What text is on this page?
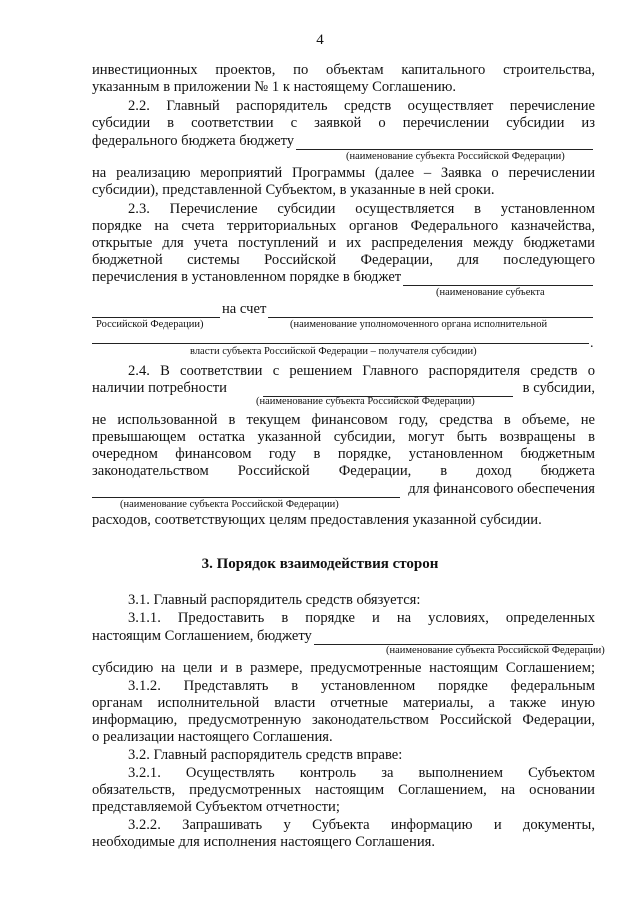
4
инвестиционных проектов, по объектам капитального строительства,
указанным в приложении № 1 к настоящему Соглашению.
2.2. Главный распорядитель средств осуществляет перечисление
субсидии в соответствии с заявкой о перечислении субсидии из
федерального бюджета бюджету
(наименование субъекта Российской Федерации)
на реализацию мероприятий Программы (далее – Заявка о перечислении
субсидии), представленной Субъектом, в указанные в ней сроки.
2.3. Перечисление субсидии осуществляется в установленном
порядке на счета территориальных органов Федерального казначейства,
открытые для учета поступлений и их распределения между бюджетами
бюджетной системы Российской Федерации, для последующего
перечисления в установленном порядке в бюджет
(наименование субъекта
на счет
Российской Федерации)	(наименование уполномоченного органа исполнительной
.
власти субъекта Российской Федерации – получателя субсидии)
2.4. В соответствии с решением Главного распорядителя средств о
наличии потребности	в субсидии,
(наименование субъекта Российской Федерации)
не использованной в текущем финансовом году, средства в объеме, не
превышающем остатка указанной субсидии, могут быть возвращены в
очередном финансовом году в порядке, установленном бюджетным
законодательством Российской Федерации, в доход бюджета
для финансового обеспечения
(наименование субъекта Российской Федерации)
расходов, соответствующих целям предоставления указанной субсидии.
3. Порядок взаимодействия сторон
3.1. Главный распорядитель средств обязуется:
3.1.1. Предоставить в порядке и на условиях, определенных
настоящим Соглашением, бюджету
(наименование субъекта Российской Федерации)
субсидию на цели и в размере, предусмотренные настоящим Соглашением;
3.1.2. Представлять в установленном порядке федеральным
органам исполнительной власти отчетные материалы, а также иную
информацию, предусмотренную законодательством Российской Федерации,
о реализации настоящего Соглашения.
3.2. Главный распорядитель средств вправе:
3.2.1. Осуществлять контроль за выполнением Субъектом
обязательств, предусмотренных настоящим Соглашением, на основании
представляемой Субъектом отчетности;
3.2.2. Запрашивать у Субъекта информацию и документы,
необходимые для исполнения настоящего Соглашения.
